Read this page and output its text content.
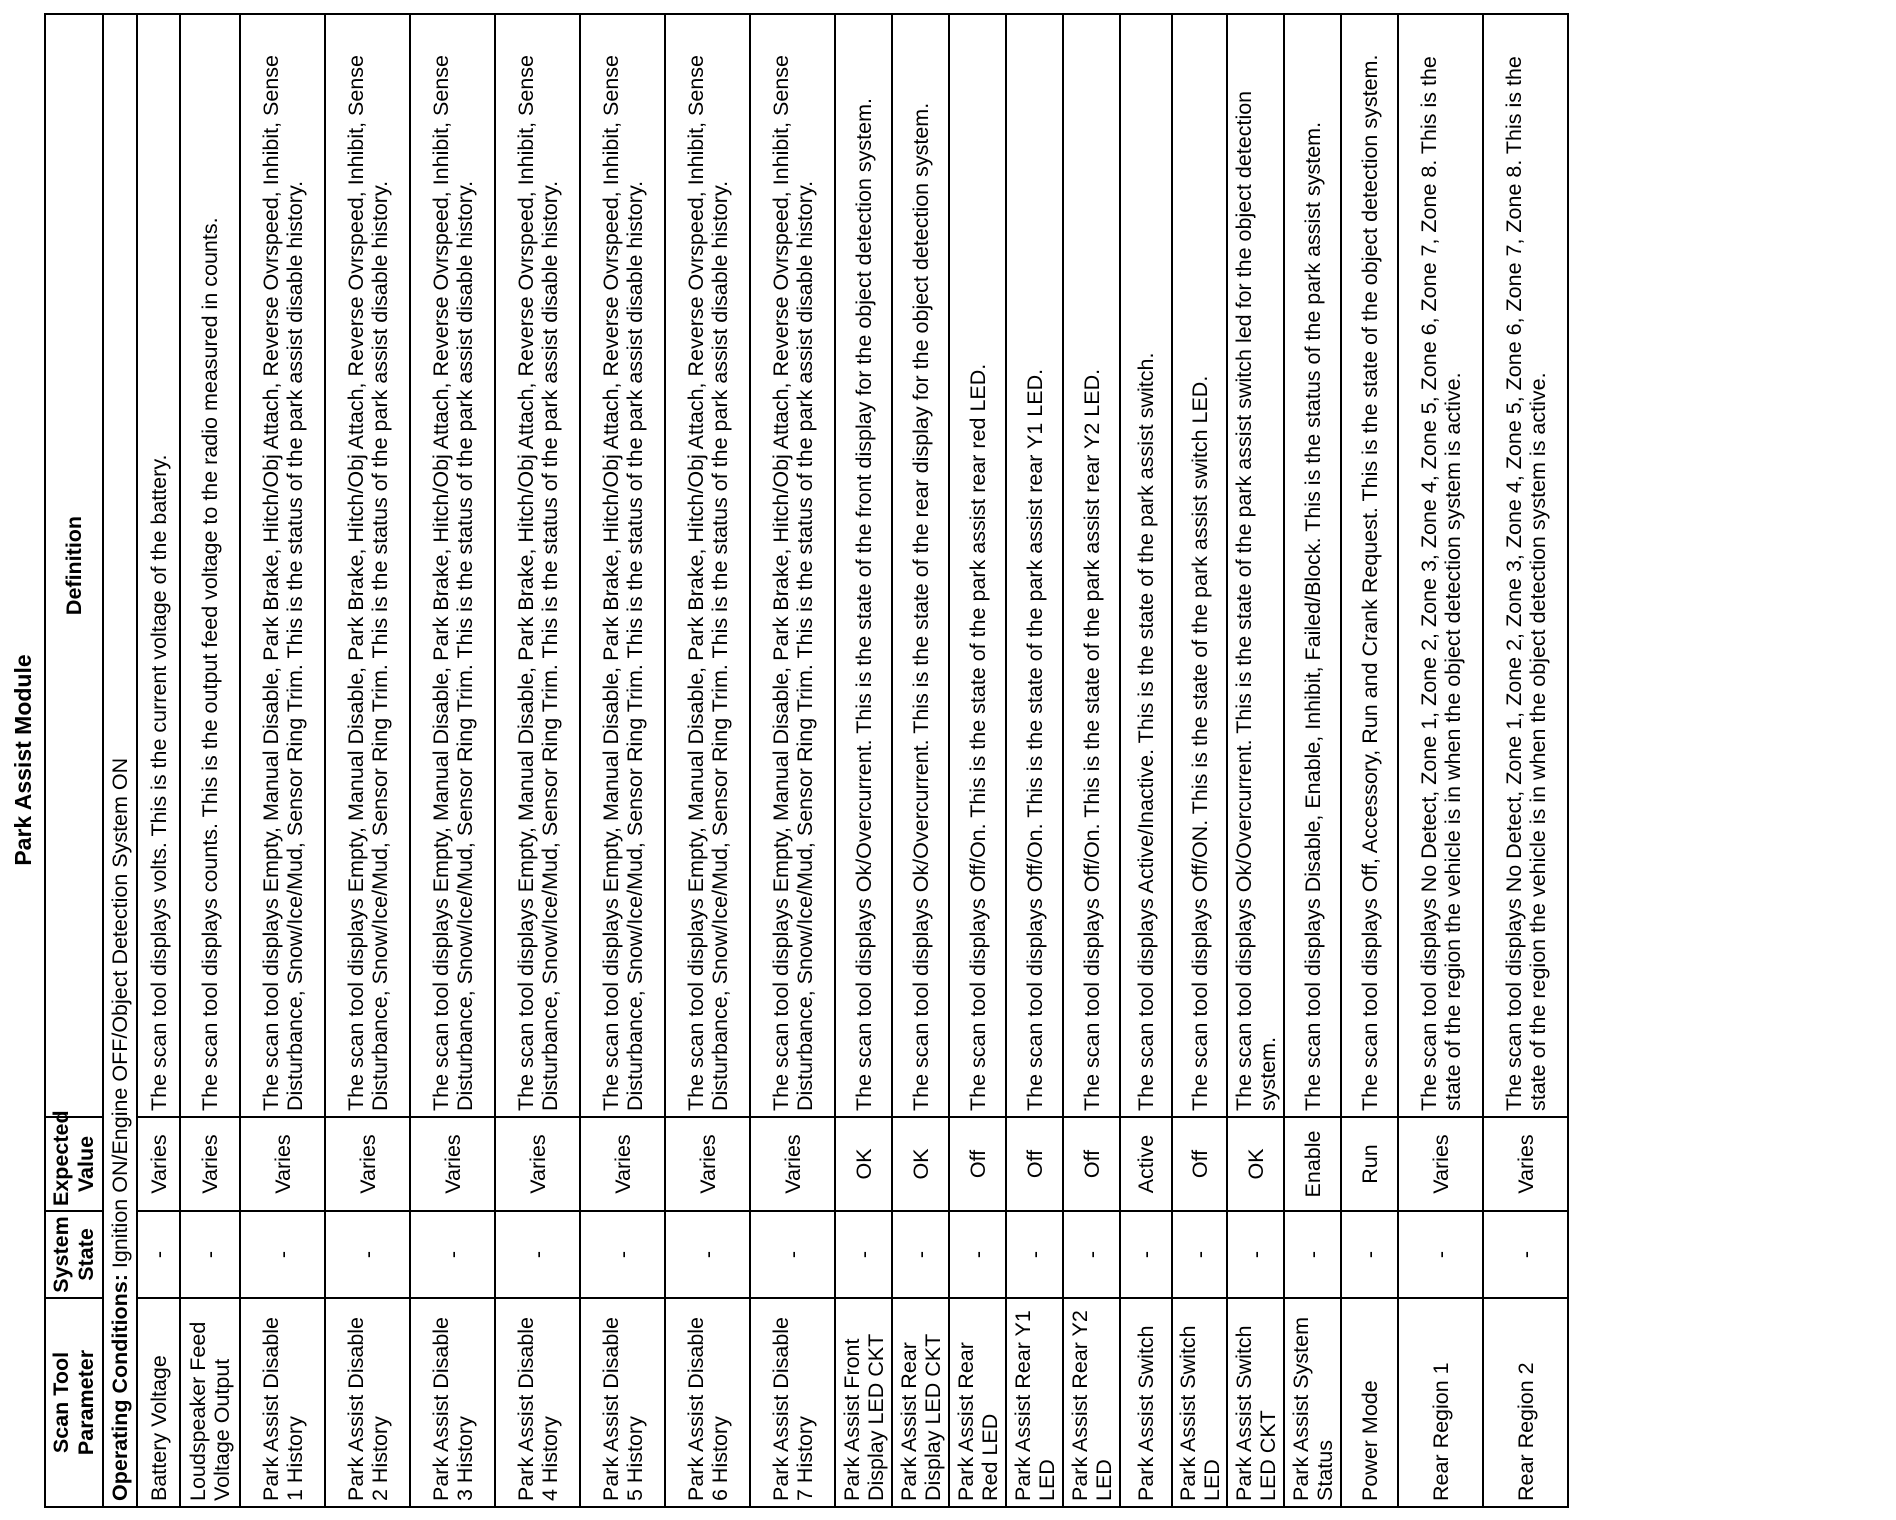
Park Assist Module
Scan Tool Parameter	System State	Expected Value	Definition
Operating Conditions: Ignition ON/Engine OFF/Object Detection System ON			
Battery Voltage	-	Varies	The scan tool displays volts. This is the current voltage of the battery.
Loudspeaker Feed Voltage Output	-	Varies	The scan tool displays counts. This is the output feed voltage to the radio measured in counts.
Park Assist Disable 1 History	-	Varies	The scan tool displays Empty, Manual Disable, Park Brake, Hitch/Obj Attach, Reverse Ovrspeed, Inhibit, Sense Disturbance, Snow/Ice/Mud, Sensor Ring Trim. This is the status of the park assist disable history.
Park Assist Disable 2 History	-	Varies	The scan tool displays Empty, Manual Disable, Park Brake, Hitch/Obj Attach, Reverse Ovrspeed, Inhibit, Sense Disturbance, Snow/Ice/Mud, Sensor Ring Trim. This is the status of the park assist disable history.
Park Assist Disable 3 History	-	Varies	The scan tool displays Empty, Manual Disable, Park Brake, Hitch/Obj Attach, Reverse Ovrspeed, Inhibit, Sense Disturbance, Snow/Ice/Mud, Sensor Ring Trim. This is the status of the park assist disable history.
Park Assist Disable 4 History	-	Varies	The scan tool displays Empty, Manual Disable, Park Brake, Hitch/Obj Attach, Reverse Ovrspeed, Inhibit, Sense Disturbance, Snow/Ice/Mud, Sensor Ring Trim. This is the status of the park assist disable history.
Park Assist Disable 5 History	-	Varies	The scan tool displays Empty, Manual Disable, Park Brake, Hitch/Obj Attach, Reverse Ovrspeed, Inhibit, Sense Disturbance, Snow/Ice/Mud, Sensor Ring Trim. This is the status of the park assist disable history.
Park Assist Disable 6 History	-	Varies	The scan tool displays Empty, Manual Disable, Park Brake, Hitch/Obj Attach, Reverse Ovrspeed, Inhibit, Sense Disturbance, Snow/Ice/Mud, Sensor Ring Trim. This is the status of the park assist disable history.
Park Assist Disable 7 History	-	Varies	The scan tool displays Empty, Manual Disable, Park Brake, Hitch/Obj Attach, Reverse Ovrspeed, Inhibit, Sense Disturbance, Snow/Ice/Mud, Sensor Ring Trim. This is the status of the park assist disable history.
Park Assist Front Display LED CKT	-	OK	The scan tool displays Ok/Overcurrent. This is the state of the front display for the object detection system.
Park Assist Rear Display LED CKT	-	OK	The scan tool displays Ok/Overcurrent. This is the state of the rear display for the object detection system.
Park Assist Rear Red LED	-	Off	The scan tool displays Off/On. This is the state of the park assist rear red LED.
Park Assist Rear Y1 LED	-	Off	The scan tool displays Off/On. This is the state of the park assist rear Y1 LED.
Park Assist Rear Y2 LED	-	Off	The scan tool displays Off/On. This is the state of the park assist rear Y2 LED.
Park Assist Switch	-	Active	The scan tool displays Active/Inactive. This is the state of the park assist switch.
Park Assist Switch LED	-	Off	The scan tool displays Off/ON. This is the state of the park assist switch LED.
Park Assist Switch LED CKT	-	OK	The scan tool displays Ok/Overcurrent. This is the state of the park assist switch led for the object detection system.
Park Assist System Status	-	Enable	The scan tool displays Disable, Enable, Inhibit, Failed/Block. This is the status of the park assist system.
Power Mode	-	Run	The scan tool displays Off, Accessory, Run and Crank Request. This is the state of the object detection system.
Rear Region 1	-	Varies	The scan tool displays No Detect, Zone 1, Zone 2, Zone 3, Zone 4, Zone 5, Zone 6, Zone 7, Zone 8. This is the state of the region the vehicle is in when the object detection system is active.
Rear Region 2	-	Varies	The scan tool displays No Detect, Zone 1, Zone 2, Zone 3, Zone 4, Zone 5, Zone 6, Zone 7, Zone 8. This is the state of the region the vehicle is in when the object detection system is active.
